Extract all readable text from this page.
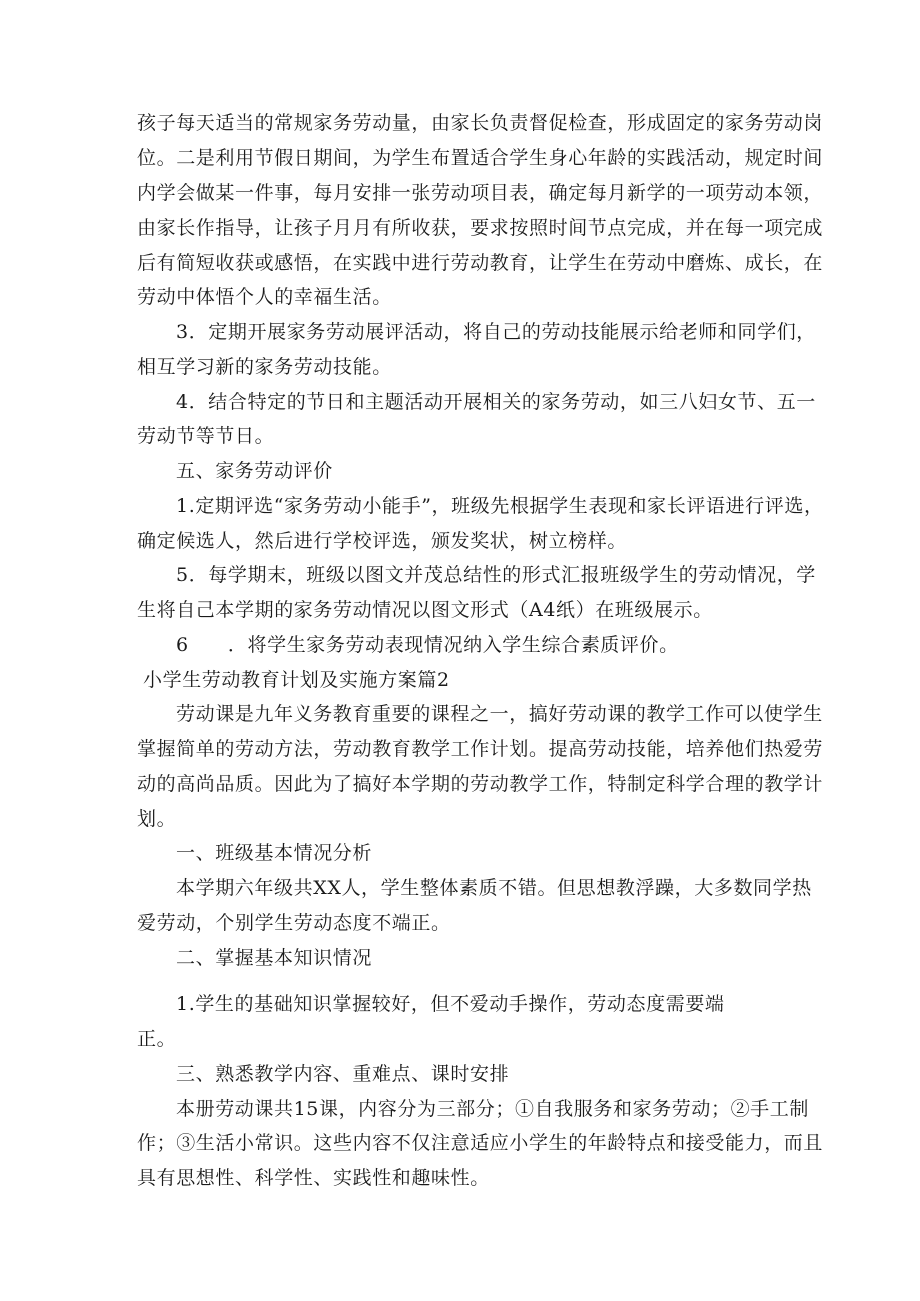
孩子每天适当的常规家务劳动量，由家长负责督促检查，形成固定的家务劳动岗
位。二是利用节假日期间，为学生布置适合学生身心年龄的实践活动，规定时间
内学会做某一件事，每月安排一张劳动项目表，确定每月新学的一项劳动本领，
由家长作指导，让孩子月月有所收获，要求按照时间节点完成，并在每一项完成
后有简短收获或感悟，在实践中进行劳动教育，让学生在劳动中磨炼、成长，在
劳动中体悟个人的幸福生活。
3．定期开展家务劳动展评活动，将自己的劳动技能展示给老师和同学们，
相互学习新的家务劳动技能。
4．结合特定的节日和主题活动开展相关的家务劳动，如三八妇女节、五一
劳动节等节日。
五、家务劳动评价
1.定期评选“家务劳动小能手”，班级先根据学生表现和家长评语进行评选，
确定候选人，然后进行学校评选，颁发奖状，树立榜样。
5．每学期末，班级以图文并茂总结性的形式汇报班级学生的劳动情况，学
生将自己本学期的家务劳动情况以图文形式（A4纸）在班级展示。
6　　．将学生家务劳动表现情况纳入学生综合素质评价。
小学生劳动教育计划及实施方案篇2
劳动课是九年义务教育重要的课程之一，搞好劳动课的教学工作可以使学生
掌握简单的劳动方法，劳动教育教学工作计划。提高劳动技能，培养他们热爱劳
动的高尚品质。因此为了搞好本学期的劳动教学工作，特制定科学合理的教学计
划。
一、班级基本情况分析
本学期六年级共XX人，学生整体素质不错。但思想教浮躁，大多数同学热
爱劳动，个别学生劳动态度不端正。
二、掌握基本知识情况
1.学生的基础知识掌握较好，但不爱动手操作，劳动态度需要端
正。
三、熟悉教学内容、重难点、课时安排
本册劳动课共15课，内容分为三部分；①自我服务和家务劳动；②手工制
作；③生活小常识。这些内容不仅注意适应小学生的年龄特点和接受能力，而且
具有思想性、科学性、实践性和趣味性。
